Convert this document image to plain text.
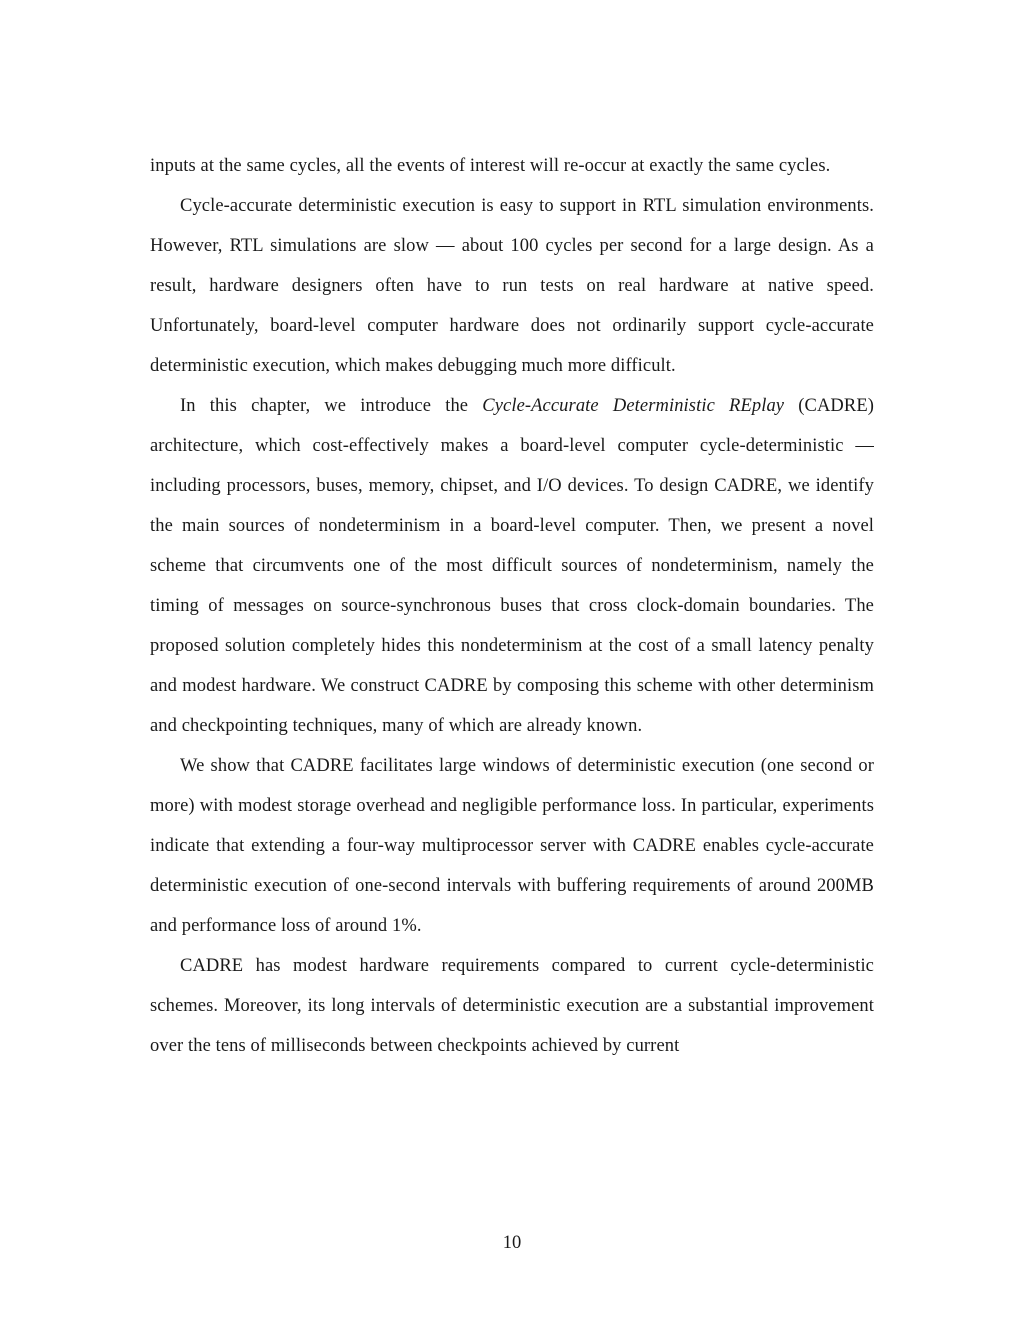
inputs at the same cycles, all the events of interest will re-occur at exactly the same cycles.

Cycle-accurate deterministic execution is easy to support in RTL simulation environments. However, RTL simulations are slow — about 100 cycles per second for a large design. As a result, hardware designers often have to run tests on real hardware at native speed. Unfortunately, board-level computer hardware does not ordinarily support cycle-accurate deterministic execution, which makes debugging much more difficult.

In this chapter, we introduce the Cycle-Accurate Deterministic REplay (CADRE) architecture, which cost-effectively makes a board-level computer cycle-deterministic — including processors, buses, memory, chipset, and I/O devices. To design CADRE, we identify the main sources of nondeterminism in a board-level computer. Then, we present a novel scheme that circumvents one of the most difficult sources of nondeterminism, namely the timing of messages on source-synchronous buses that cross clock-domain boundaries. The proposed solution completely hides this nondeterminism at the cost of a small latency penalty and modest hardware. We construct CADRE by composing this scheme with other determinism and checkpointing techniques, many of which are already known.

We show that CADRE facilitates large windows of deterministic execution (one second or more) with modest storage overhead and negligible performance loss. In particular, experiments indicate that extending a four-way multiprocessor server with CADRE enables cycle-accurate deterministic execution of one-second intervals with buffering requirements of around 200MB and performance loss of around 1%.

CADRE has modest hardware requirements compared to current cycle-deterministic schemes. Moreover, its long intervals of deterministic execution are a substantial improvement over the tens of milliseconds between checkpoints achieved by current

10
